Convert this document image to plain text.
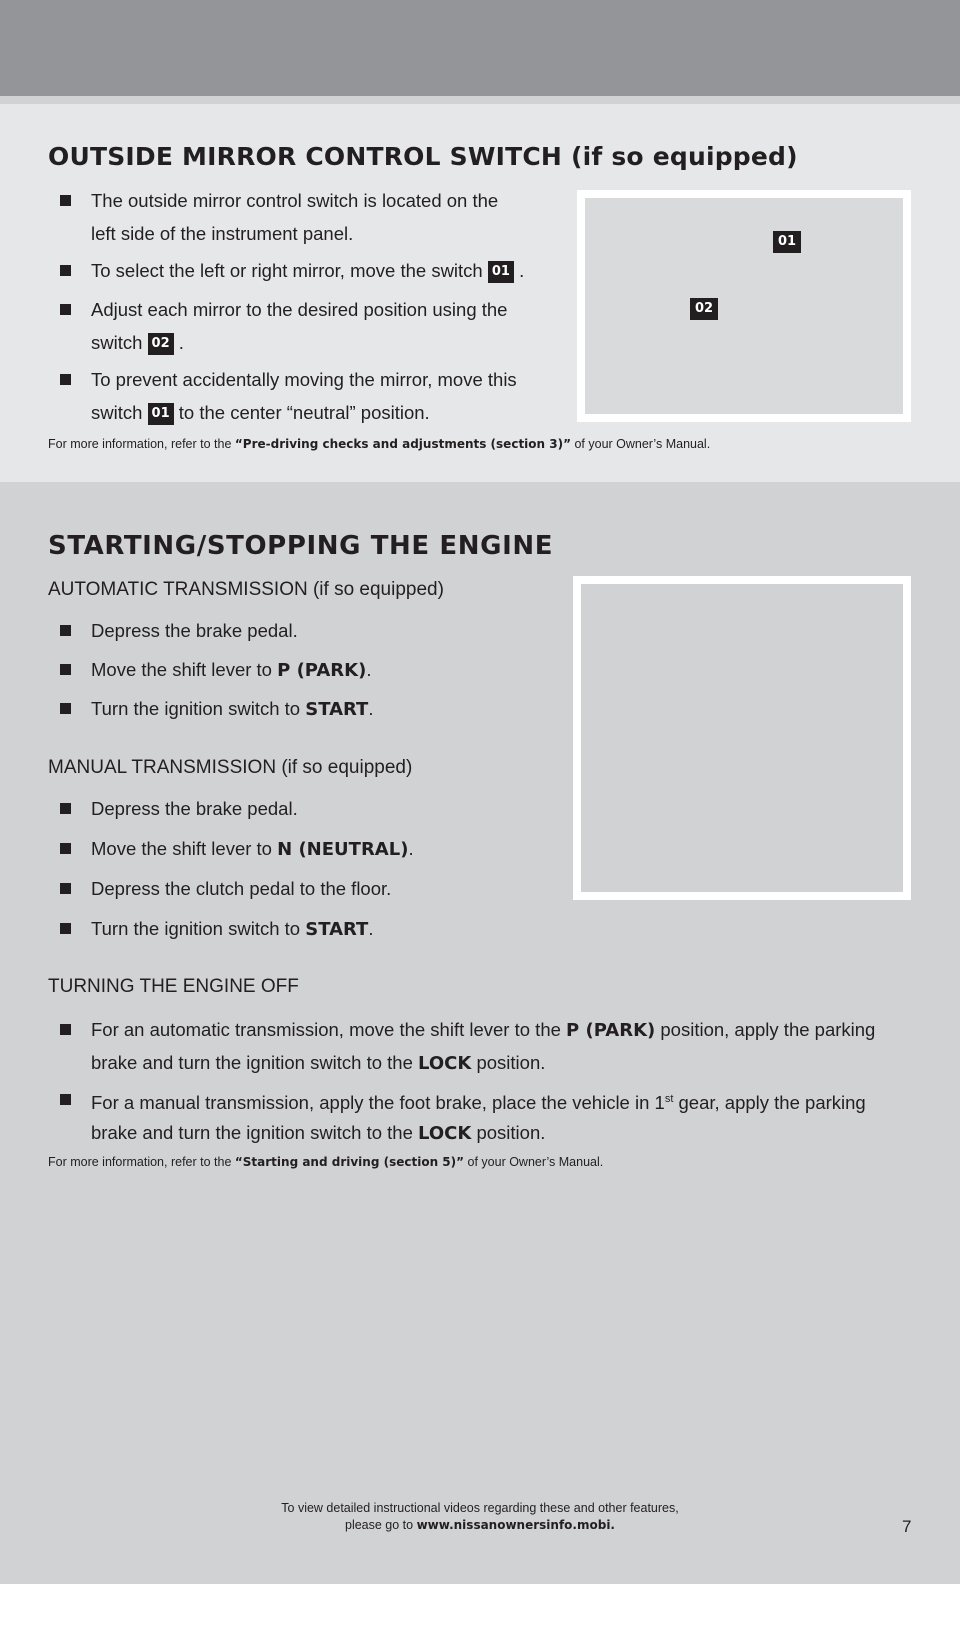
OUTSIDE MIRROR CONTROL SWITCH (if so equipped)
The outside mirror control switch is located on the
left side of the instrument panel.
To select the left or right mirror, move the switch 01 .
Adjust each mirror to the desired position using the
switch 02 .
To prevent accidentally moving the mirror, move this
switch 01 to the center “neutral” position.
For more information, refer to the “Pre-driving checks and adjustments (section 3)” of your Owner’s Manual.
01
02
STARTING/STOPPING THE ENGINE
AUTOMATIC TRANSMISSION (if so equipped)
Depress the brake pedal.
Move the shift lever to P (PARK).
Turn the ignition switch to START.
MANUAL TRANSMISSION (if so equipped)
Depress the brake pedal.
Move the shift lever to N (NEUTRAL).
Depress the clutch pedal to the floor.
Turn the ignition switch to START.
TURNING THE ENGINE OFF
For an automatic transmission, move the shift lever to the P (PARK) position, apply the parking
brake and turn the ignition switch to the LOCK position.
For a manual transmission, apply the foot brake, place the vehicle in 1st gear, apply the parking
brake and turn the ignition switch to the LOCK position.
For more information, refer to the “Starting and driving (section 5)” of your Owner’s Manual.
To view detailed instructional videos regarding these and other features,
please go to www.nissanownersinfo.mobi.	7
